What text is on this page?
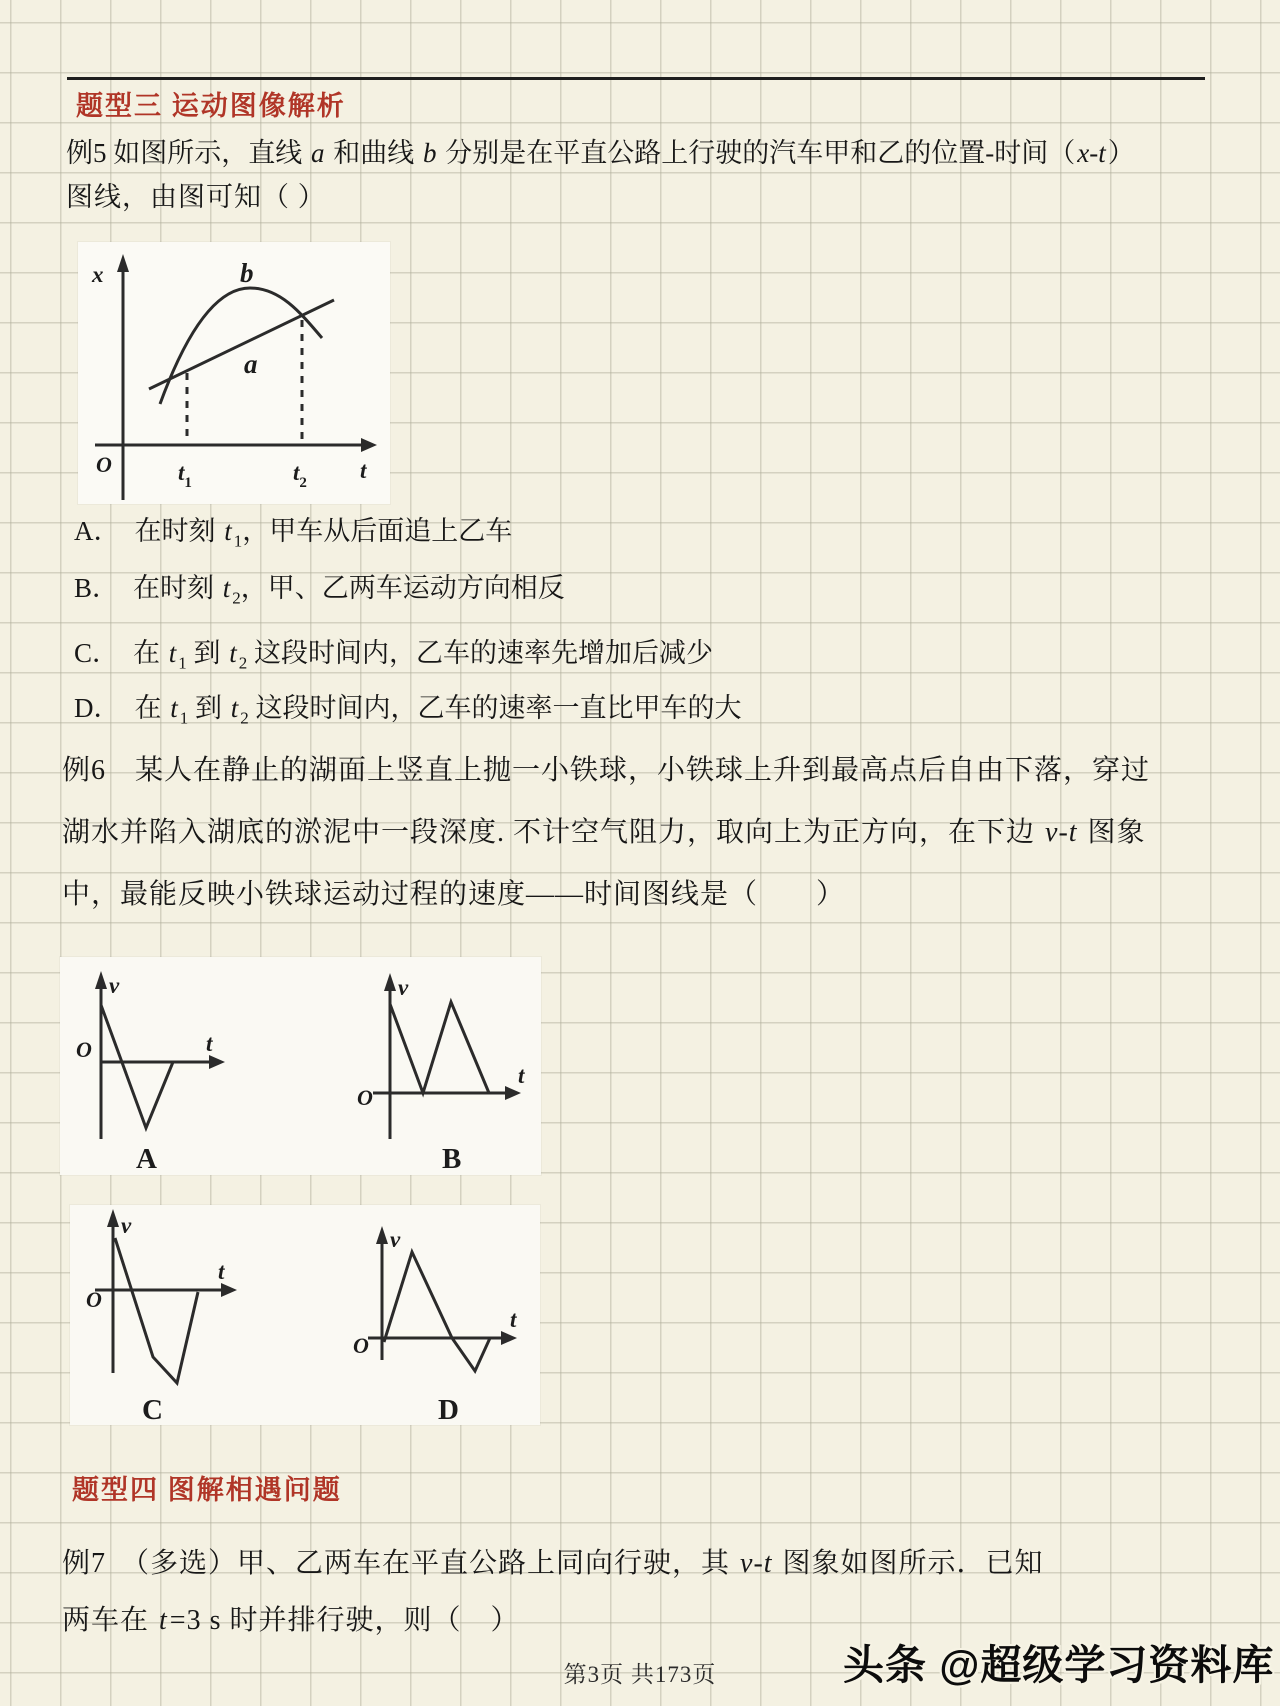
题型三 运动图像解析
例5 如图所示，直线 a 和曲线 b 分别是在平直公路上行驶的汽车甲和乙的位置-时间（x-t）
图线，由图可知（ ）
x
O
b
a
$t_1$	$t_2$ t
A． 在时刻 t $_1$，甲车从后面追上乙车
B． 在时刻 t $_2$，甲、乙两车运动方向相反
C． 在 t $_1$ 到 t $_2$ 这段时间内，乙车的速率先增加后减少
D． 在 t $_1$ 到 t $_2$ 这段时间内，乙车的速率一直比甲车的大
例6　某人在静止的湖面上竖直上抛一小铁球，小铁球上升到最高点后自由下落，穿过
湖水并陷入湖底的淤泥中一段深度. 不计空气阻力，取向上为正方向，在下边 v-t 图象
中，最能反映小铁球运动过程的速度——时间图线是（　　）
v
O	t
A
v
O
t
B
v
O
t
C
v
O
t
D
题型四 图解相遇问题
例7　（多选）甲、乙两车在平直公路上同向行驶，其 v-t 图象如图所示．已知
两车在 t=3 s 时并排行驶，则（　）
第3页 共173页	头条 @超级学习资料库
